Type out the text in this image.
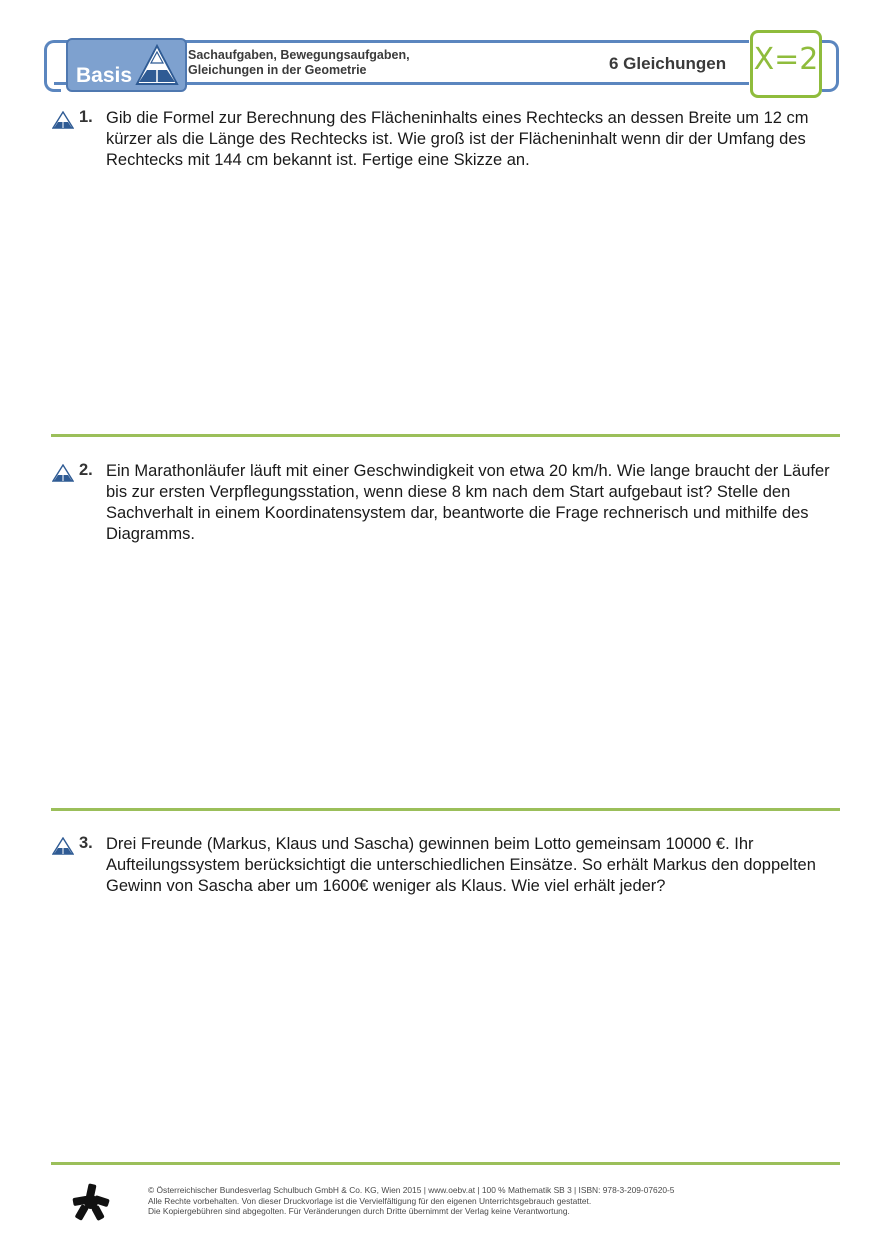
Basis
Sachaufgaben, Bewegungsaufgaben,
Gleichungen in der Geometrie	6 Gleichungen X=2
1. Gib die Formel zur Berechnung des Flächeninhalts eines Rechtecks an dessen Breite um 12 cm kürzer als die Länge des Rechtecks ist. Wie groß ist der Flächeninhalt wenn dir der Umfang des Rechtecks mit 144 cm bekannt ist. Fertige eine Skizze an.
2. Ein Marathonläufer läuft mit einer Geschwindigkeit von etwa 20 km/h. Wie lange braucht der Läufer bis zur ersten Verpflegungsstation, wenn diese 8 km nach dem Start aufgebaut ist? Stelle den Sachverhalt in einem Koordinatensystem dar, beantworte die Frage rechnerisch und mithilfe des Diagramms.
3. Drei Freunde (Markus, Klaus und Sascha) gewinnen beim Lotto gemeinsam 10000 €. Ihr Aufteilungssystem berücksichtigt die unterschiedlichen Einsätze. So erhält Markus den doppelten Gewinn von Sascha aber um 1600€ weniger als Klaus. Wie viel erhält jeder?
© Österreichischer Bundesverlag Schulbuch GmbH & Co. KG, Wien 2015 | www.oebv.at | 100 % Mathematik SB 3 | ISBN: 978-3-209-07620-5
Alle Rechte vorbehalten. Von dieser Druckvorlage ist die Vervielfältigung für den eigenen Unterrichtsgebrauch gestattet.
Die Kopiergebühren sind abgegolten. Für Veränderungen durch Dritte übernimmt der Verlag keine Verantwortung.
